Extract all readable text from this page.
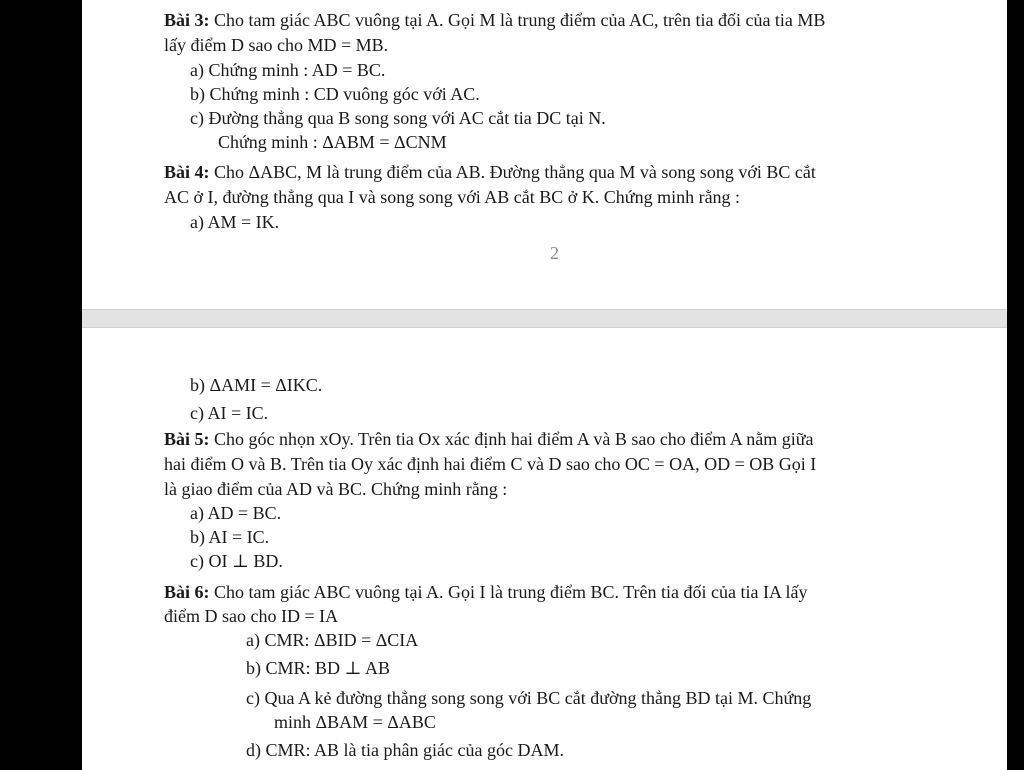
Bài 3: Cho tam giác ABC vuông tại A. Gọi M là trung điểm của AC, trên tia đối của tia MB
lấy điểm D sao cho MD = MB.
a) Chứng minh : AD = BC.
b) Chứng minh : CD vuông góc với AC.
c) Đường thẳng qua B song song với AC cắt tia DC tại N.
Chứng minh : ΔABM = ΔCNM
Bài 4: Cho ΔABC, M là trung điểm của AB. Đường thẳng qua M và song song với BC cắt
AC ở I, đường thẳng qua I và song song với AB cắt BC ở K. Chứng minh rằng :
a) AM = IK.
2
b) ΔAMI = ΔIKC.
c) AI = IC.
Bài 5: Cho góc nhọn xOy. Trên tia Ox xác định hai điểm A và B sao cho điểm A nằm giữa
hai điểm O và B. Trên tia Oy xác định hai điểm C và D sao cho OC = OA, OD = OB Gọi I
là giao điểm của AD và BC. Chứng minh rằng :
a) AD = BC.
b) AI = IC.
c) OI ⊥ BD.
Bài 6: Cho tam giác ABC vuông tại A. Gọi I là trung điểm BC. Trên tia đối của tia IA lấy
điểm D sao cho ID = IA
a) CMR: ΔBID = ΔCIA
b) CMR: BD ⊥ AB
c) Qua A kẻ đường thẳng song song với BC cắt đường thẳng BD tại M. Chứng
minh ΔBAM = ΔABC
d) CMR: AB là tia phân giác của góc DAM.
